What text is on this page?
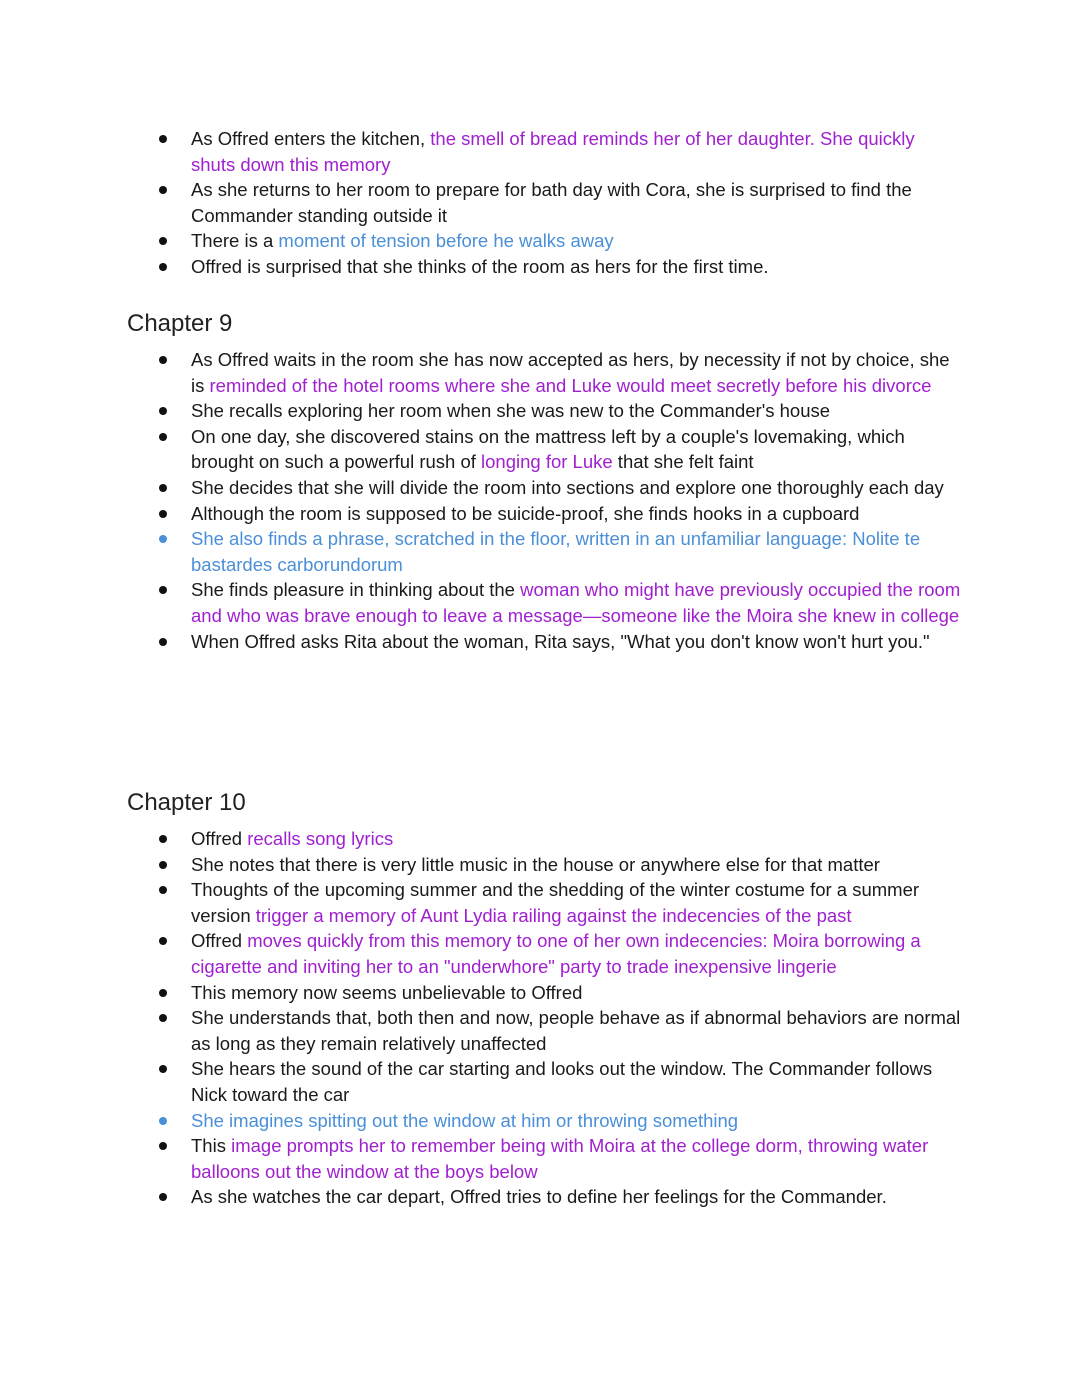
As Offred enters the kitchen, the smell of bread reminds her of her daughter. She quickly shuts down this memory
As she returns to her room to prepare for bath day with Cora, she is surprised to find the Commander standing outside it
There is a moment of tension before he walks away
Offred is surprised that she thinks of the room as hers for the first time.
Chapter 9
As Offred waits in the room she has now accepted as hers, by necessity if not by choice, she is reminded of the hotel rooms where she and Luke would meet secretly before his divorce
She recalls exploring her room when she was new to the Commander's house
On one day, she discovered stains on the mattress left by a couple's lovemaking, which brought on such a powerful rush of longing for Luke that she felt faint
She decides that she will divide the room into sections and explore one thoroughly each day
Although the room is supposed to be suicide-proof, she finds hooks in a cupboard
She also finds a phrase, scratched in the floor, written in an unfamiliar language: Nolite te bastardes carborundorum
She finds pleasure in thinking about the woman who might have previously occupied the room and who was brave enough to leave a message—someone like the Moira she knew in college
When Offred asks Rita about the woman, Rita says, "What you don't know won't hurt you."
Chapter 10
Offred recalls song lyrics
She notes that there is very little music in the house or anywhere else for that matter
Thoughts of the upcoming summer and the shedding of the winter costume for a summer version trigger a memory of Aunt Lydia railing against the indecencies of the past
Offred moves quickly from this memory to one of her own indecencies: Moira borrowing a cigarette and inviting her to an "underwhore" party to trade inexpensive lingerie
This memory now seems unbelievable to Offred
She understands that, both then and now, people behave as if abnormal behaviors are normal as long as they remain relatively unaffected
She hears the sound of the car starting and looks out the window. The Commander follows Nick toward the car
She imagines spitting out the window at him or throwing something
This image prompts her to remember being with Moira at the college dorm, throwing water balloons out the window at the boys below
As she watches the car depart, Offred tries to define her feelings for the Commander.
